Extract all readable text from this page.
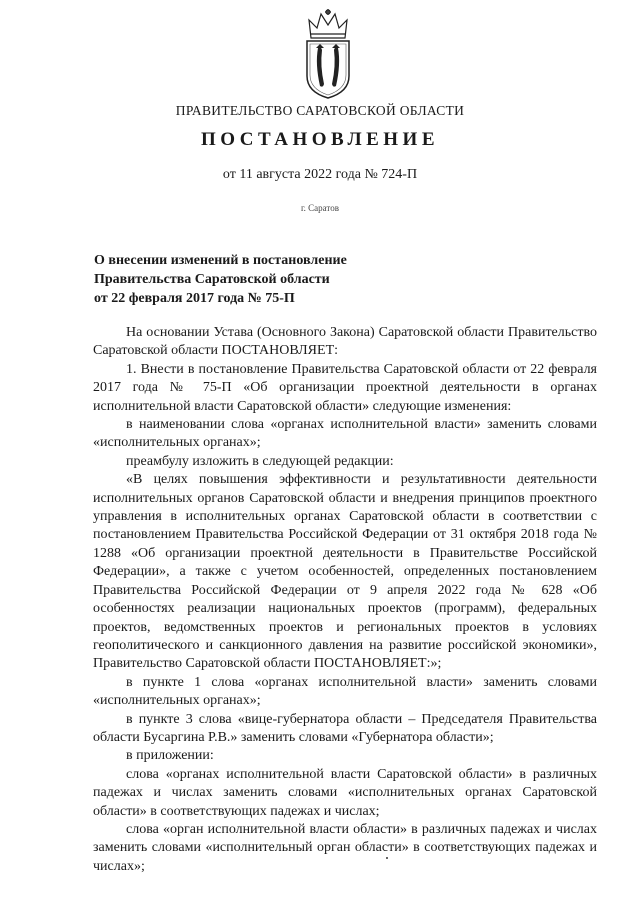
ПРАВИТЕЛЬСТВО САРАТОВСКОЙ ОБЛАСТИ
ПОСТАНОВЛЕНИЕ
от 11 августа 2022 года № 724-П
г. Саратов
О внесении изменений в постановление
Правительства Саратовской области
от 22 февраля 2017 года № 75-П

На основании Устава (Основного Закона) Саратовской области Правительство Саратовской области ПОСТАНОВЛЯЕТ:

1. Внести в постановление Правительства Саратовской области от 22 февраля 2017 года № 75-П «Об организации проектной деятельности в органах исполнительной власти Саратовской области» следующие изменения:

в наименовании слова «органах исполнительной власти» заменить словами «исполнительных органах»;

преамбулу изложить в следующей редакции:

«В целях повышения эффективности и результативности деятельности исполнительных органов Саратовской области и внедрения принципов проектного управления в исполнительных органах Саратовской области в соответствии с постановлением Правительства Российской Федерации от 31 октября 2018 года № 1288 «Об организации проектной деятельности в Правительстве Российской Федерации», а также с учетом особенностей, определенных постановлением Правительства Российской Федерации от 9 апреля 2022 года № 628 «Об особенностях реализации национальных проектов (программ), федеральных проектов, ведомственных проектов и региональных проектов в условиях геополитического и санкционного давления на развитие российской экономики», Правительство Саратовской области ПОСТАНОВЛЯЕТ:»;

в пункте 1 слова «органах исполнительной власти» заменить словами «исполнительных органах»;

в пункте 3 слова «вице-губернатора области – Председателя Правительства области Бусаргина Р.В.» заменить словами «Губернатора области»;

в приложении:

слова «органах исполнительной власти Саратовской области» в различных падежах и числах заменить словами «исполнительных органах Саратовской области» в соответствующих падежах и числах;

слова «орган исполнительной власти области» в различных падежах и числах заменить словами «исполнительный орган области» в соответствующих падежах и числах»;
